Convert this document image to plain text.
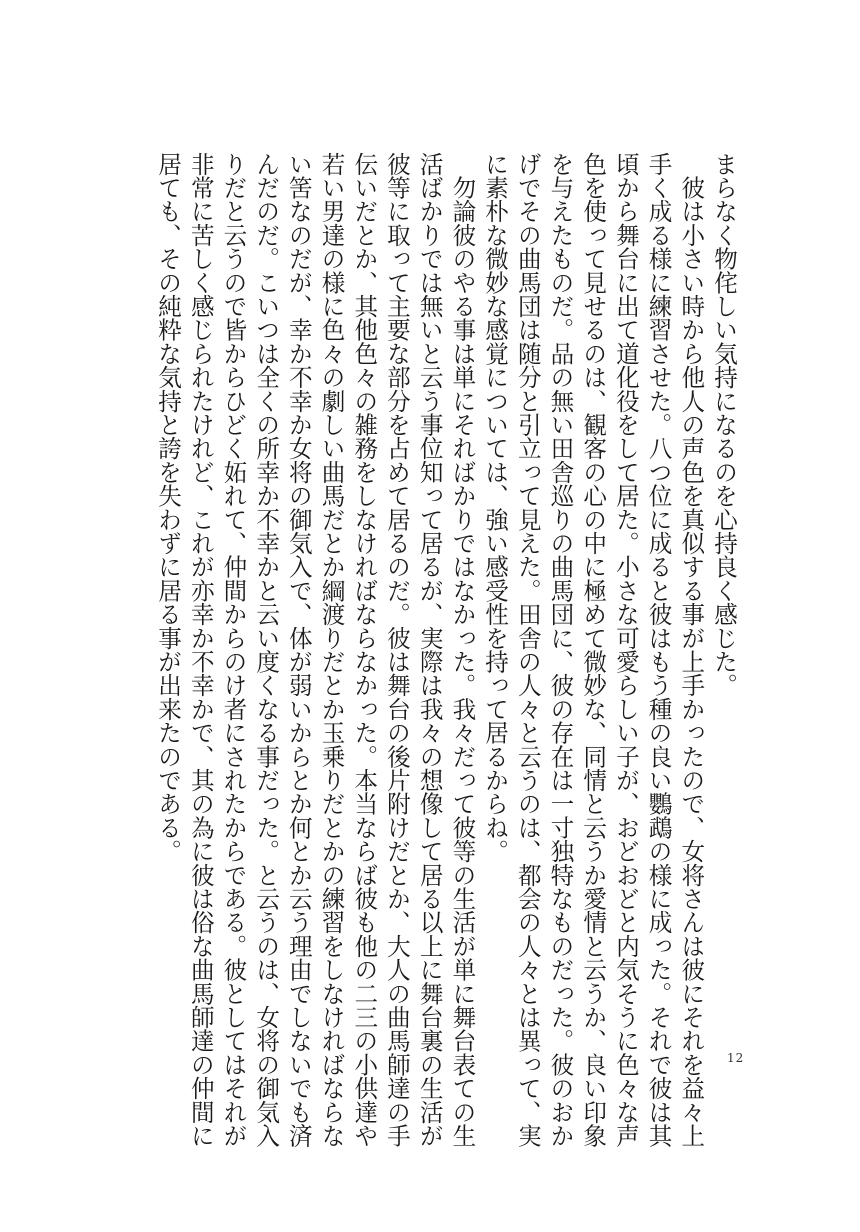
まらなく物侘しい気持になるのを心持良く感じた。
　彼は小さい時から他人の声色を真似する事が上手かったので、女将さんは彼にそれを益々上
手く成る様に練習させた。八つ位に成ると彼はもう種の良い鸚鵡の様に成った。それで彼は其
頃から舞台に出て道化役をして居た。小さな可愛らしい子が、おどおどと内気そうに色々な声
色を使って見せるのは、観客の心の中に極めて微妙な、同情と云うか愛情と云うか、良い印象
を与えたものだ。品の無い田舎巡りの曲馬団に、彼の存在は一寸独特なものだった。彼のおか
げでその曲馬団は随分と引立って見えた。田舎の人々と云うのは、都会の人々とは異って、実
に素朴な微妙な感覚については、強い感受性を持って居るからね。
　勿論彼のやる事は単にそればかりではなかった。我々だって彼等の生活が単に舞台表ての生
活ばかりでは無いと云う事位知って居るが、実際は我々の想像して居る以上に舞台裏の生活が
彼等に取って主要な部分を占めて居るのだ。彼は舞台の後片附けだとか、大人の曲馬師達の手
伝いだとか、其他色々の雑務をしなければならなかった。本当ならば彼も他の二三の小供達や
若い男達の様に色々の劇しい曲馬だとか綱渡りだとか玉乗りだとかの練習をしなければならな
い筈なのだが、幸か不幸か女将の御気入で、体が弱いからとか何とか云う理由でしないでも済
んだのだ。こいつは全くの所幸か不幸かと云い度くなる事だった。と云うのは、女将の御気入
りだと云うので皆からひどく妬れて、仲間からのけ者にされたからである。彼としてはそれが
非常に苦しく感じられたけれど、これが亦幸か不幸かで、其の為に彼は俗な曲馬師達の仲間に
居ても、その純粋な気持と誇を失わずに居る事が出来たのである。
12
